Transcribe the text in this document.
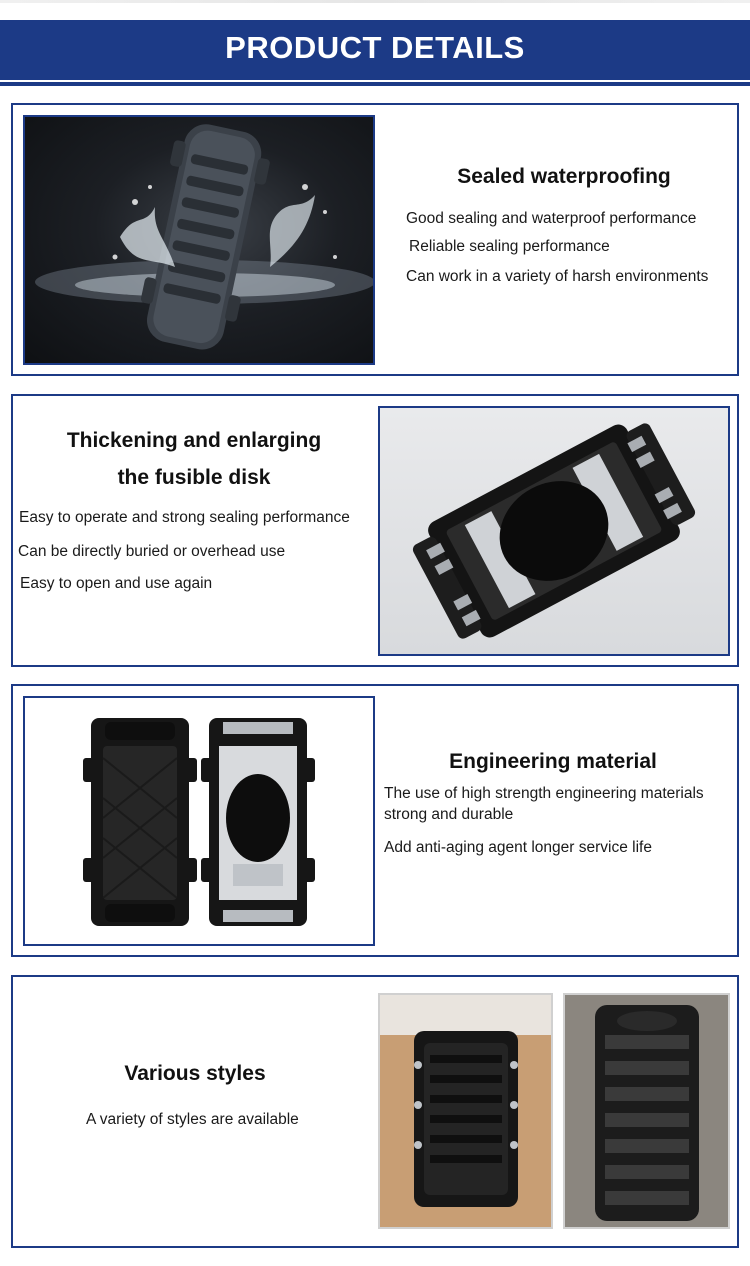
PRODUCT DETAILS
Sealed waterproofing
Good sealing and waterproof performance
Reliable sealing performance
Can work in a variety of harsh environments
Thickening and enlarging
the fusible disk
Easy to operate and strong sealing performance
Can be directly buried or overhead use
Easy to open and use again
Engineering material
The use of high strength engineering materials
strong and durable
Add anti-aging agent longer service life
Various styles
A variety of styles are available
